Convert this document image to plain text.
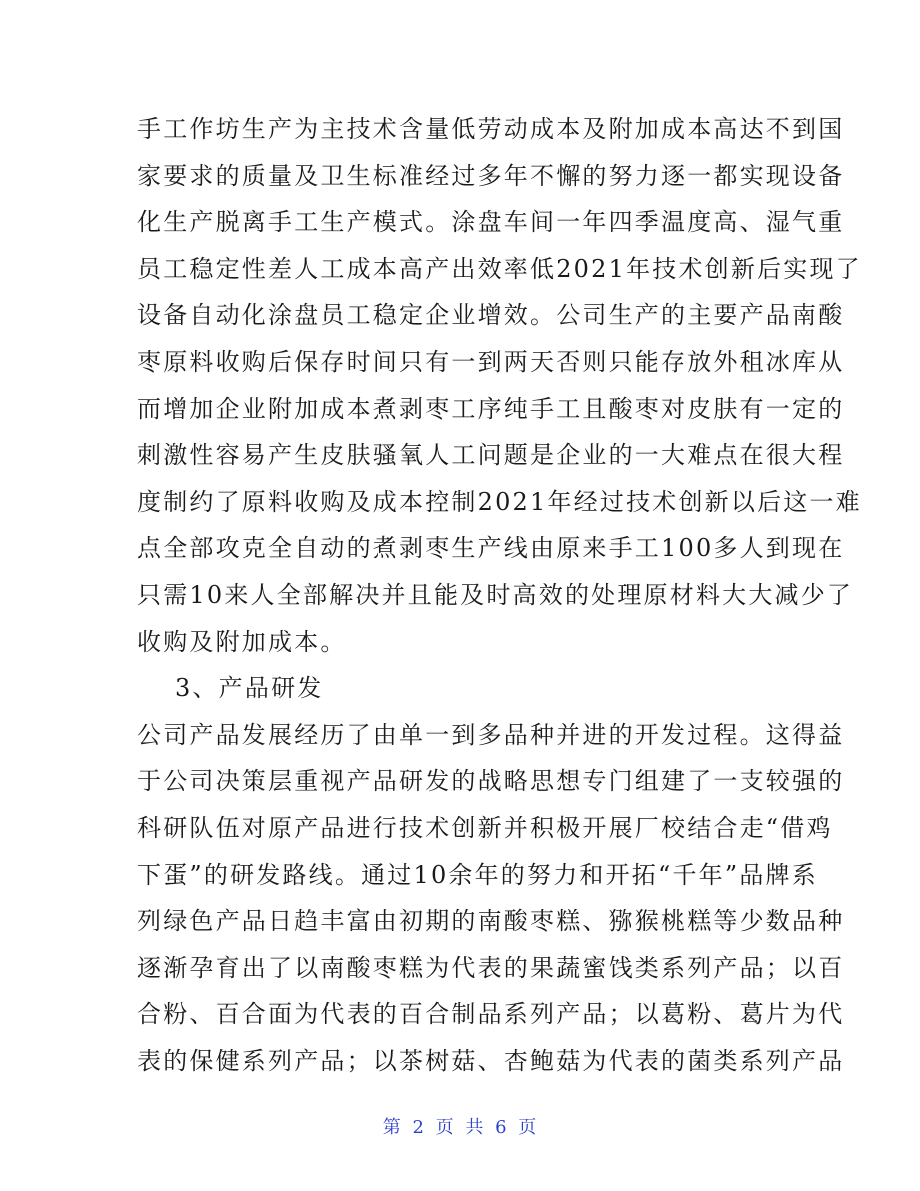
手工作坊生产为主技术含量低劳动成本及附加成本高达不到国
家要求的质量及卫生标准经过多年不懈的努力逐一都实现设备
化生产脱离手工生产模式。涂盘车间一年四季温度高、湿气重
员工稳定性差人工成本高产出效率低2021年技术创新后实现了
设备自动化涂盘员工稳定企业增效。公司生产的主要产品南酸
枣原料收购后保存时间只有一到两天否则只能存放外租冰库从
而增加企业附加成本煮剥枣工序纯手工且酸枣对皮肤有一定的
刺激性容易产生皮肤骚氧人工问题是企业的一大难点在很大程
度制约了原料收购及成本控制2021年经过技术创新以后这一难
点全部攻克全自动的煮剥枣生产线由原来手工100多人到现在
只需10来人全部解决并且能及时高效的处理原材料大大减少了
收购及附加成本。
3、产品研发
公司产品发展经历了由单一到多品种并进的开发过程。这得益
于公司决策层重视产品研发的战略思想专门组建了一支较强的
科研队伍对原产品进行技术创新并积极开展厂校结合走“借鸡
下蛋”的研发路线。通过10余年的努力和开拓“千年”品牌系
列绿色产品日趋丰富由初期的南酸枣糕、猕猴桃糕等少数品种
逐渐孕育出了以南酸枣糕为代表的果蔬蜜饯类系列产品；以百
合粉、百合面为代表的百合制品系列产品；以葛粉、葛片为代
表的保健系列产品；以茶树菇、杏鲍菇为代表的菌类系列产品
第 2 页 共 6 页
